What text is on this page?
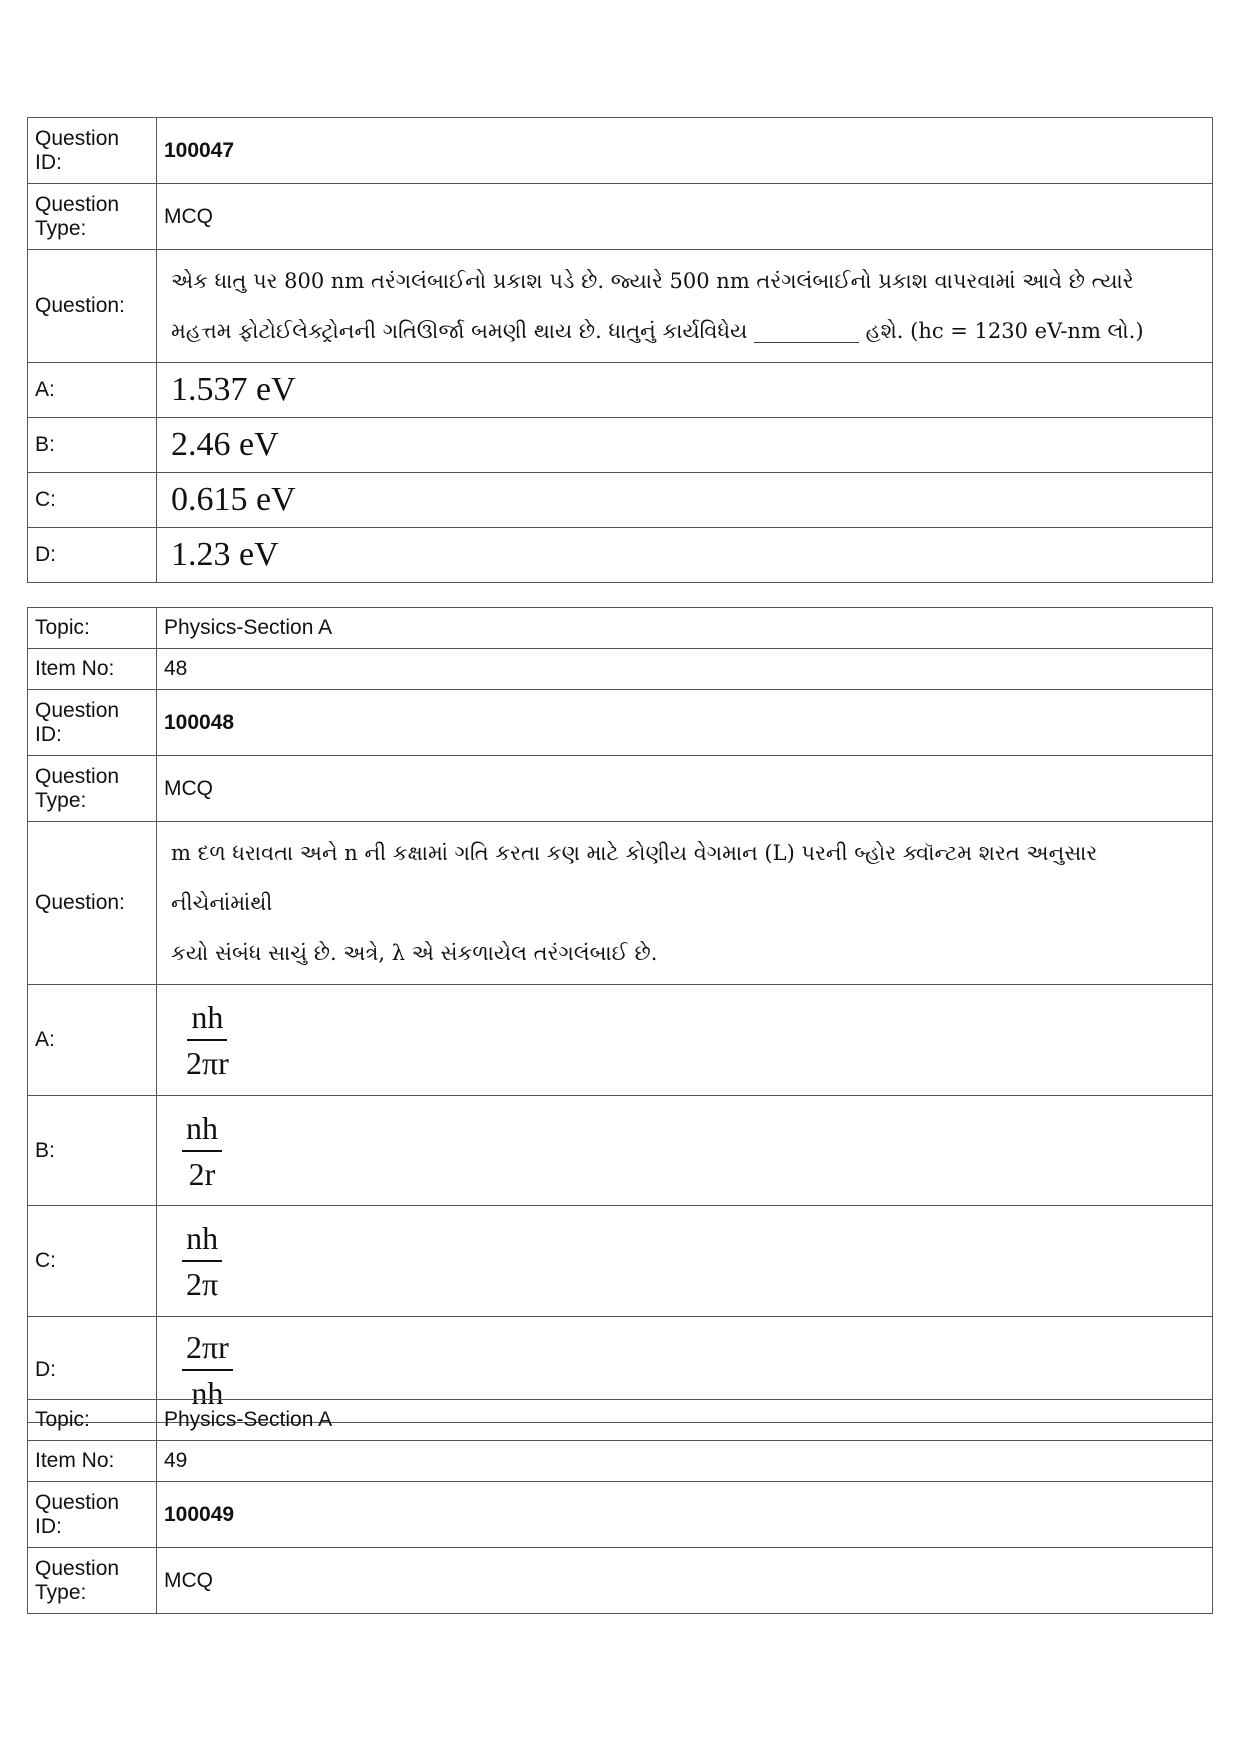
Question ID:	100047
Question Type:	MCQ
Question:	એક ધાતુ પર 800 nm તરંગલંબાઈનો પ્રકાશ પડે છે. જ્યારે 500 nm તરંગલંબાઈનો પ્રકાશ વાપરવામાં આવે છે ત્યારે
મહત્તમ ફોટોઈલેક્ટ્રોનની ગતિઊર્જા બમણી થાય છે. ધાતુનું કાર્યવિધેય __________ હશે. (hc = 1230 eV-nm લો.)

A:	1.537 eV
B:	2.46 eV
C:	0.615 eV
D:	1.23 eV
Topic:	Physics-Section A
Item No:	48
Question ID:	100048
Question Type:	MCQ
Question:	m દળ ધરાવતા અને n ની કક્ષામાં ગતિ કરતા કણ માટે કોણીય વેગમાન (L) પરની બ્હોર ક્વૉન્ટમ શરત અનુસાર નીચેનાંમાંથી
કયો સંબંધ સાચું છે. અત્રે, λ એ સંકળાયેલ તરંગલંબાઈ છે.

A:	$\frac{nh}{2\pi r}$

B:	$\frac{nh}{2r}$

C:	$\frac{nh}{2\pi}$

D:	$\frac{2\pi r}{nh}$
Topic:	Physics-Section A
Item No:	49
Question ID:	100049
Question Type:	MCQ
